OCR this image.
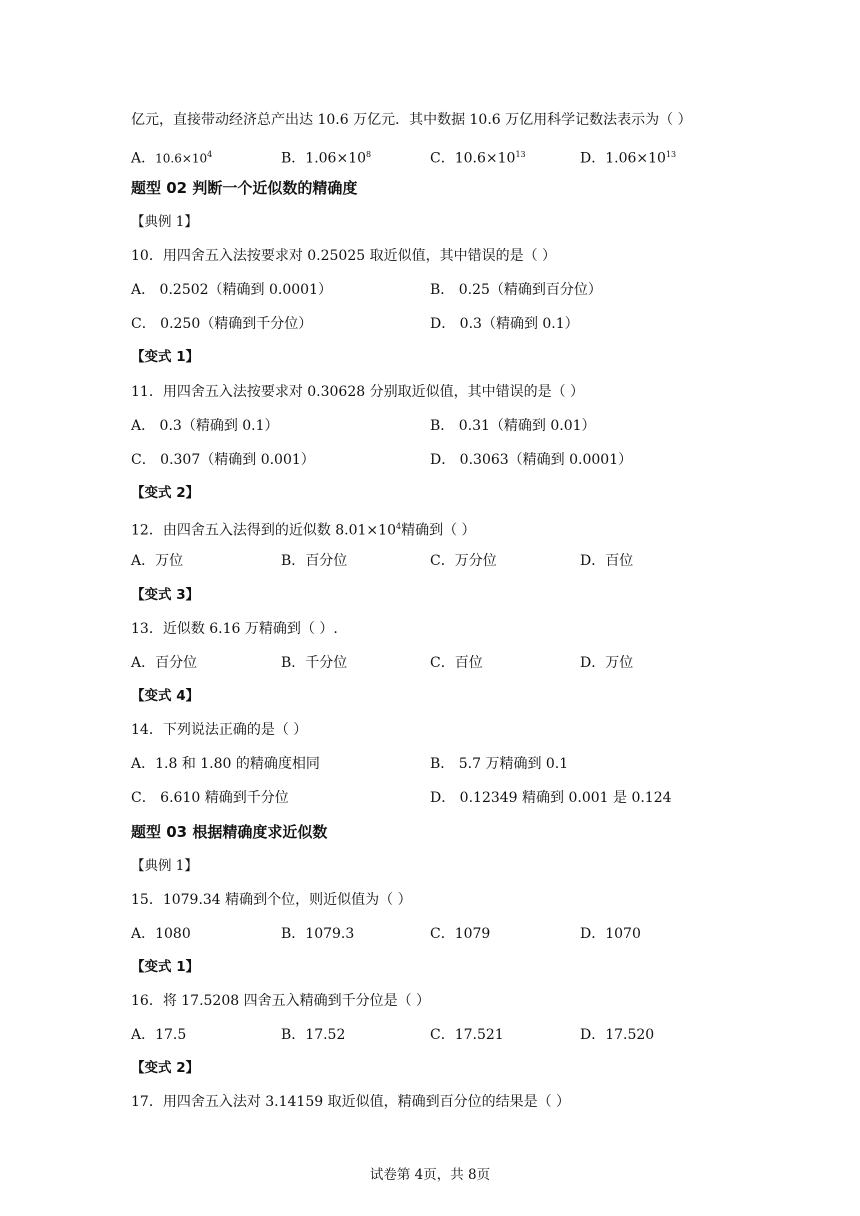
亿元，直接带动经济总产出达 10.6 万亿元．其中数据 10.6 万亿用科学记数法表示为（ ）
A．$10.6\times 10^4$	B．$1.06\times 10^8$	C．$10.6\times 10^{13}$	D．$1.06\times 10^{13}$
题型 02 判断一个近似数的精确度
【典例 1】
10．用四舍五入法按要求对 0.25025 取近似值，其中错误的是（ ）
A． 0.2502（精确到 0.0001）	B． 0.25（精确到百分位）
C． 0.250（精确到千分位）	D． 0.3（精确到 0.1）
【变式 1】
11．用四舍五入法按要求对 0.30628 分别取近似值，其中错误的是（ ）
A． 0.3（精确到 0.1）	B． 0.31（精确到 0.01）
C． 0.307（精确到 0.001）	D． 0.3063（精确到 0.0001）
【变式 2】
12．由四舍五入法得到的近似数 $8.01\times 10^4$精确到（ ）
A．万位	B．百分位	C．万分位	D．百位
【变式 3】
13．近似数 6.16 万精确到（ ）.
A．百分位	B．千分位	C．百位	D．万位
【变式 4】
14．下列说法正确的是（ ）
A．1.8 和 1.80 的精确度相同	B． 5.7 万精确到 0.1
C． 6.610 精确到千分位	D． 0.12349 精确到 0.001 是 0.124
题型 03 根据精确度求近似数
【典例 1】
15．1079.34 精确到个位，则近似值为（ ）
A．1080	B．1079.3	C．1079	D．1070
【变式 1】
16．将 17.5208 四舍五入精确到千分位是（ ）
A．17.5	B．17.52	C．17.521	D．17.520
【变式 2】
17．用四舍五入法对 3.14159 取近似值，精确到百分位的结果是（ ）
试卷第 4页，共 8页
